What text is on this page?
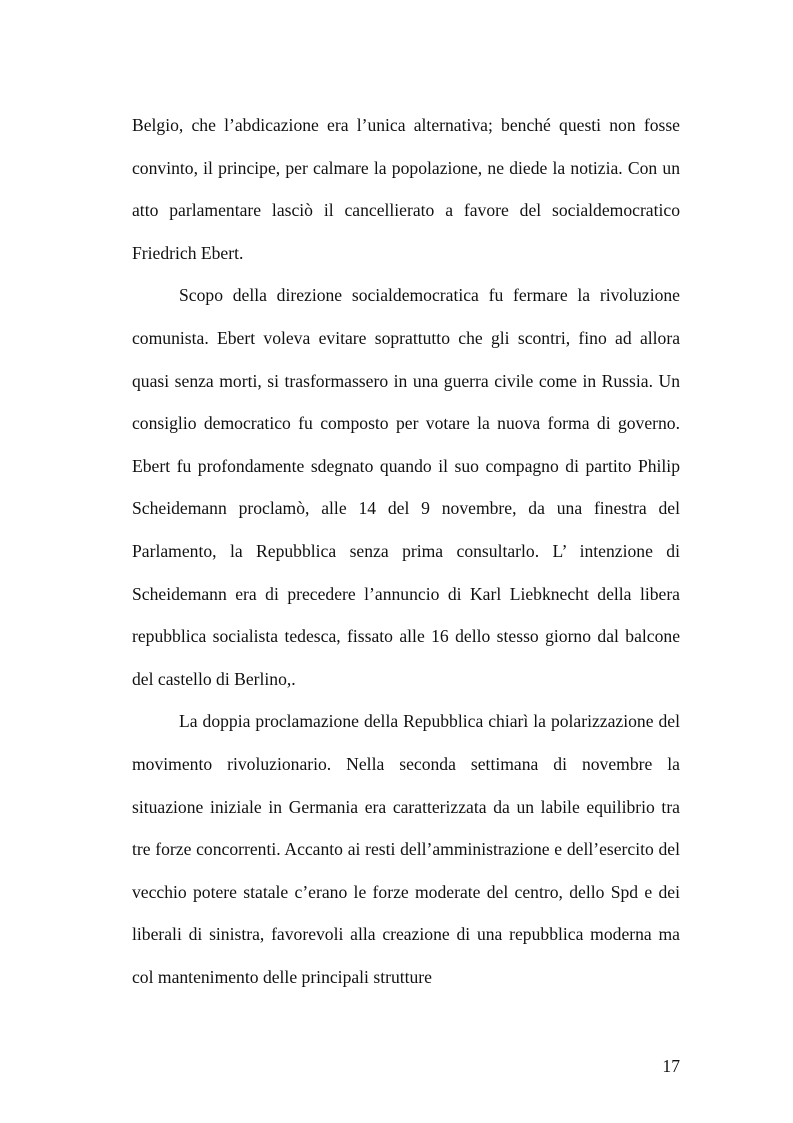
Belgio, che l’abdicazione era l’unica alternativa; benché questi non fosse convinto, il principe, per calmare la popolazione, ne diede la notizia. Con un atto parlamentare lasciò il cancellierato a favore del socialdemocratico Friedrich Ebert.

Scopo della direzione socialdemocratica fu fermare la rivoluzione comunista. Ebert voleva evitare soprattutto che gli scontri, fino ad allora quasi senza morti, si trasformassero in una guerra civile come in Russia. Un consiglio democratico fu composto per votare la nuova forma di governo. Ebert fu profondamente sdegnato quando il suo compagno di partito Philip Scheidemann proclamò, alle 14 del 9 novembre, da una finestra del Parlamento, la Repubblica senza prima consultarlo. L’ intenzione di Scheidemann era di precedere l’annuncio di Karl Liebknecht della libera repubblica socialista tedesca, fissato alle 16 dello stesso giorno dal balcone del castello di Berlino,.

La doppia proclamazione della Repubblica chiarì la polarizzazione del movimento rivoluzionario. Nella seconda settimana di novembre la situazione iniziale in Germania era caratterizzata da un labile equilibrio tra tre forze concorrenti. Accanto ai resti dell’amministrazione e dell’esercito del vecchio potere statale c’erano le forze moderate del centro, dello Spd e dei liberali di sinistra, favorevoli alla creazione di una repubblica moderna ma col mantenimento delle principali strutture

17
